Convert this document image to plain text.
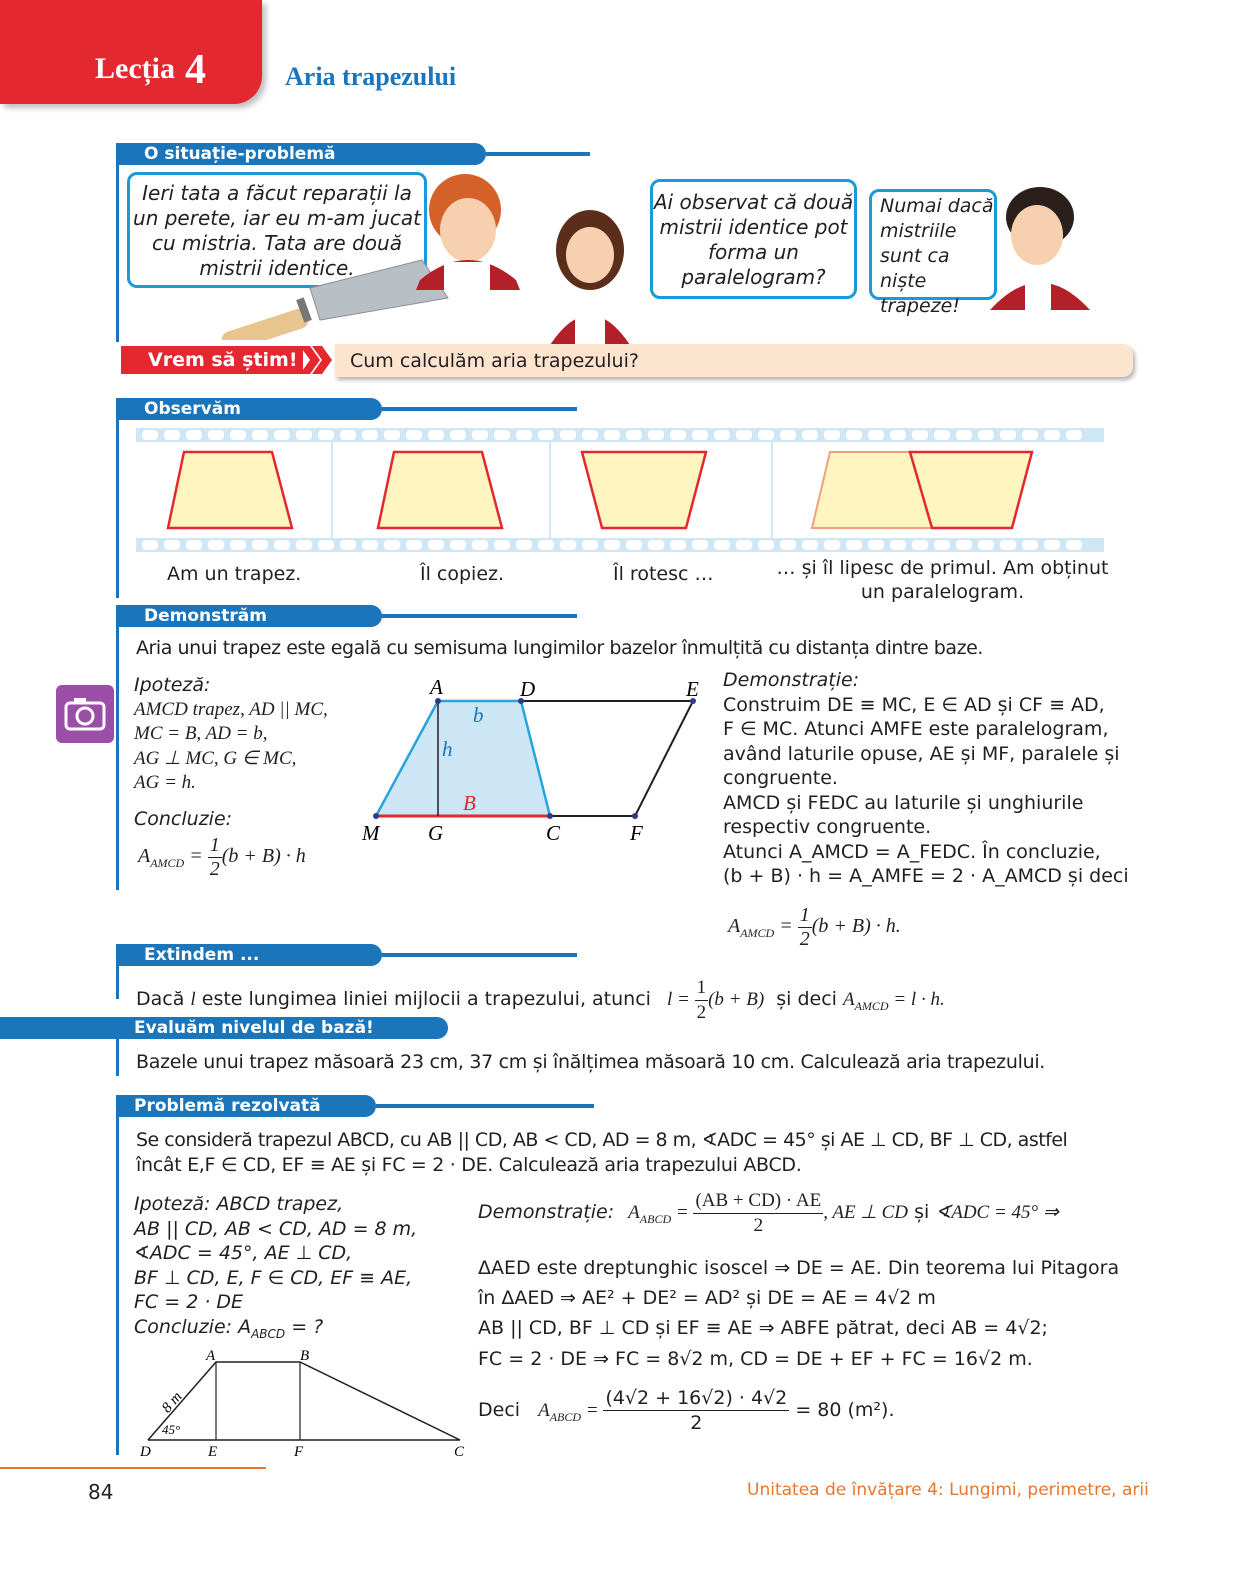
Lecția 4	Aria trapezului
O situație-problemă
Ieri tata a făcut reparații la un perete, iar eu m-am jucat cu mistria. Tata are două mistrii identice.
Ai observat că două mistrii identice pot forma un paralelogram?
Numai dacă mistriile sunt ca niște trapeze!
Vrem să știm!	Cum calculăm aria trapezului?
Observăm
Am un trapez.	Îl copiez.	Îl rotesc …	… și îl lipesc de primul. Am obținut un paralelogram.
Demonstrăm
Aria unui trapez este egală cu semisuma lungimilor bazelor înmulțită cu distanța dintre baze.
Ipoteză:
AMCD trapez, AD || MC,
MC = B, AD = b,
AG ⊥ MC, G ∈ MC,
AG = h.
Concluzie:
$A_{AMCD} = \frac{1}{2} (b + B) \cdot h$
A	D	E
M G	C	F
b
h
B
Demonstrație:
Construim DE ≡ MC, E ∈ AD și CF ≡ AD,
F ∈ MC. Atunci AMFE este paralelogram,
având laturile opuse, AE și MF, paralele și
congruente.
AMCD și FEDC au laturile și unghiurile
respectiv congruente.
Atunci A_AMCD = A_FEDC. În concluzie,
(b + B) · h = A_AMFE = 2 · A_AMCD și deci
$A_{AMCD} = \frac{1}{2} (b + B) \cdot h$.
Extindem ...
Dacă l este lungimea liniei mijlocii a trapezului, atunci $l = \frac{1}{2} (b + B)$ și deci $A_{AMCD} = l \cdot h$.
Evaluăm nivelul de bază!
Bazele unui trapez măsoară 23 cm, 37 cm și înălțimea măsoară 10 cm. Calculează aria trapezului.
Problemă rezolvată
Se consideră trapezul ABCD, cu AB || CD, AB < CD, AD = 8 m, ∢ADC = 45° și AE ⊥ CD, BF ⊥ CD, astfel
încât E,F ∈ CD, EF ≡ AE și FC = 2 · DE. Calculează aria trapezului ABCD.
Ipoteză: ABCD trapez,
AB || CD, AB < CD, AD = 8 m,
∢ADC = 45°, AE ⊥ CD,
BF ⊥ CD, E, F ∈ CD, EF ≡ AE,
FC = 2 · DE
Concluzie: $A_{ABCD}$ = ?
A	B
D	E	F	C
8 m
45°
Demonstrație: $A_{ABCD} = \frac{(AB + CD) \cdot AE}{2}$ , AE ⊥ CD și ∢ADC = 45° ⇒
ΔAED este dreptunghic isoscel ⇒ DE = AE. Din teorema lui Pitagora
în ΔAED ⇒ AE² + DE² = AD² și DE = AE = 4√2 m
AB || CD, BF ⊥ CD și EF ≡ AE ⇒ ABFE pătrat, deci AB = 4√2;
FC = 2 · DE ⇒ FC = 8√2 m, CD = DE + EF + FC = 16√2 m.
Deci $A_{ABCD} = \frac{(4√2 + 16√2) \cdot 4√2}{2} = 80$ (m²).
84	Unitatea de învățare 4: Lungimi, perimetre, arii
